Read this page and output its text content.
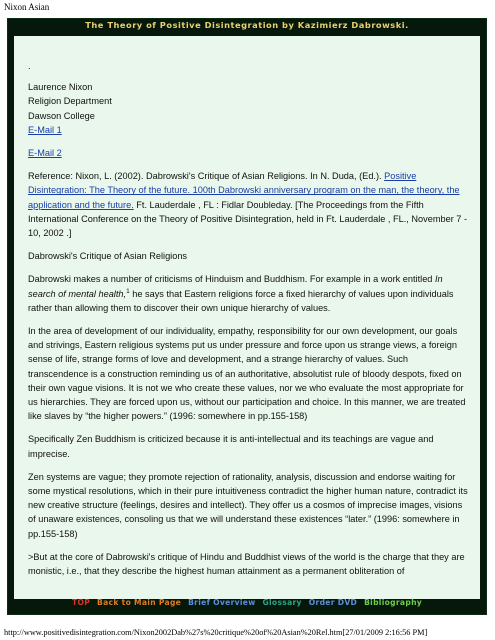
Nixon Asian
The Theory of Positive Disintegration by Kazimierz Dabrowski.

.

Laurence Nixon

Religion Department

Dawson College

E-Mail 1

E-Mail 2

Reference: Nixon, L. (2002). Dabrowski's Critique of Asian Religions. In N. Duda, (Ed.). Positive Disintegration: The Theory of the future. 100th Dabrowski anniversary program on the man, the theory, the application and the future. Ft. Lauderdale , FL : Fidlar Doubleday. [The Proceedings from the Fifth International Conference on the Theory of Positive Disintegration, held in Ft. Lauderdale , FL., November 7 - 10, 2002 .]

Dabrowski's Critique of Asian Religions

Dabrowski makes a number of criticisms of Hinduism and Buddhism. For example in a work entitled In search of mental health,$^1$ he says that Eastern religions force a fixed hierarchy of values upon individuals rather than allowing them to discover their own unique hierarchy of values.

In the area of development of our individuality, empathy, responsibility for our own development, our goals and strivings, Eastern religious systems put us under pressure and force upon us strange views, a foreign sense of life, strange forms of love and development, and a strange hierarchy of values. Such transcendence is a construction reminding us of an authoritative, absolutist rule of bloody despots, fixed on their own vague visions. It is not we who create these values, nor we who evaluate the most appropriate for us hierarchies. They are forced upon us, without our participation and choice. In this manner, we are treated like slaves by “the higher powers.” (1996: somewhere in pp.155-158)

Specifically Zen Buddhism is criticized because it is anti-intellectual and its teachings are vague and imprecise.

Zen systems are vague; they promote rejection of rationality, analysis, discussion and endorse waiting for some mystical resolutions, which in their pure intuitiveness contradict the higher human nature, contradict its new creative structure (feelings, desires and intellect). They offer us a cosmos of imprecise images, visions of unaware existences, consoling us that we will understand these existences “later.” (1996: somewhere in pp.155-158)

>But at the core of Dabrowski's critique of Hindu and Buddhist views of the world is the charge that they are monistic, i.e., that they describe the highest human attainment as a permanent obliteration of

TOP Back to Main Page Brief Overview Glossary Order DVD Bibliography
http://www.positivedisintegration.com/Nixon2002Dab%27s%20critique%20of%20Asian%20Rel.htm[27/01/2009 2:16:56 PM]
